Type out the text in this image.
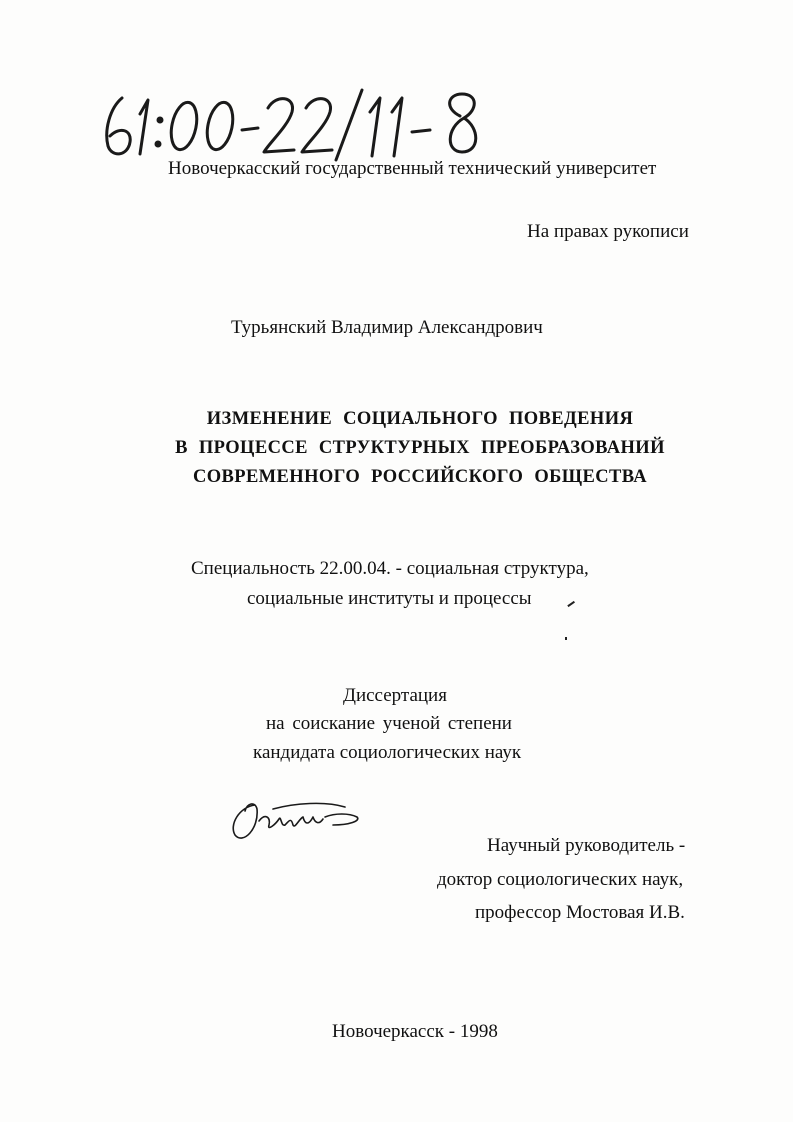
Новочеркасский государственный технический университет
На правах рукописи
Турьянский Владимир Александрович
ИЗМЕНЕНИЕ СОЦИАЛЬНОГО ПОВЕДЕНИЯ
В ПРОЦЕССЕ СТРУКТУРНЫХ ПРЕОБРАЗОВАНИЙ
СОВРЕМЕННОГО РОССИЙСКОГО ОБЩЕСТВА
Специальность 22.00.04. - социальная структура,
социальные институты и процессы
Диссертация
на соискание ученой степени
кандидата социологических наук
Научный руководитель -
доктор социологических наук,
профессор Мостовая И.В.
Новочеркасск - 1998
